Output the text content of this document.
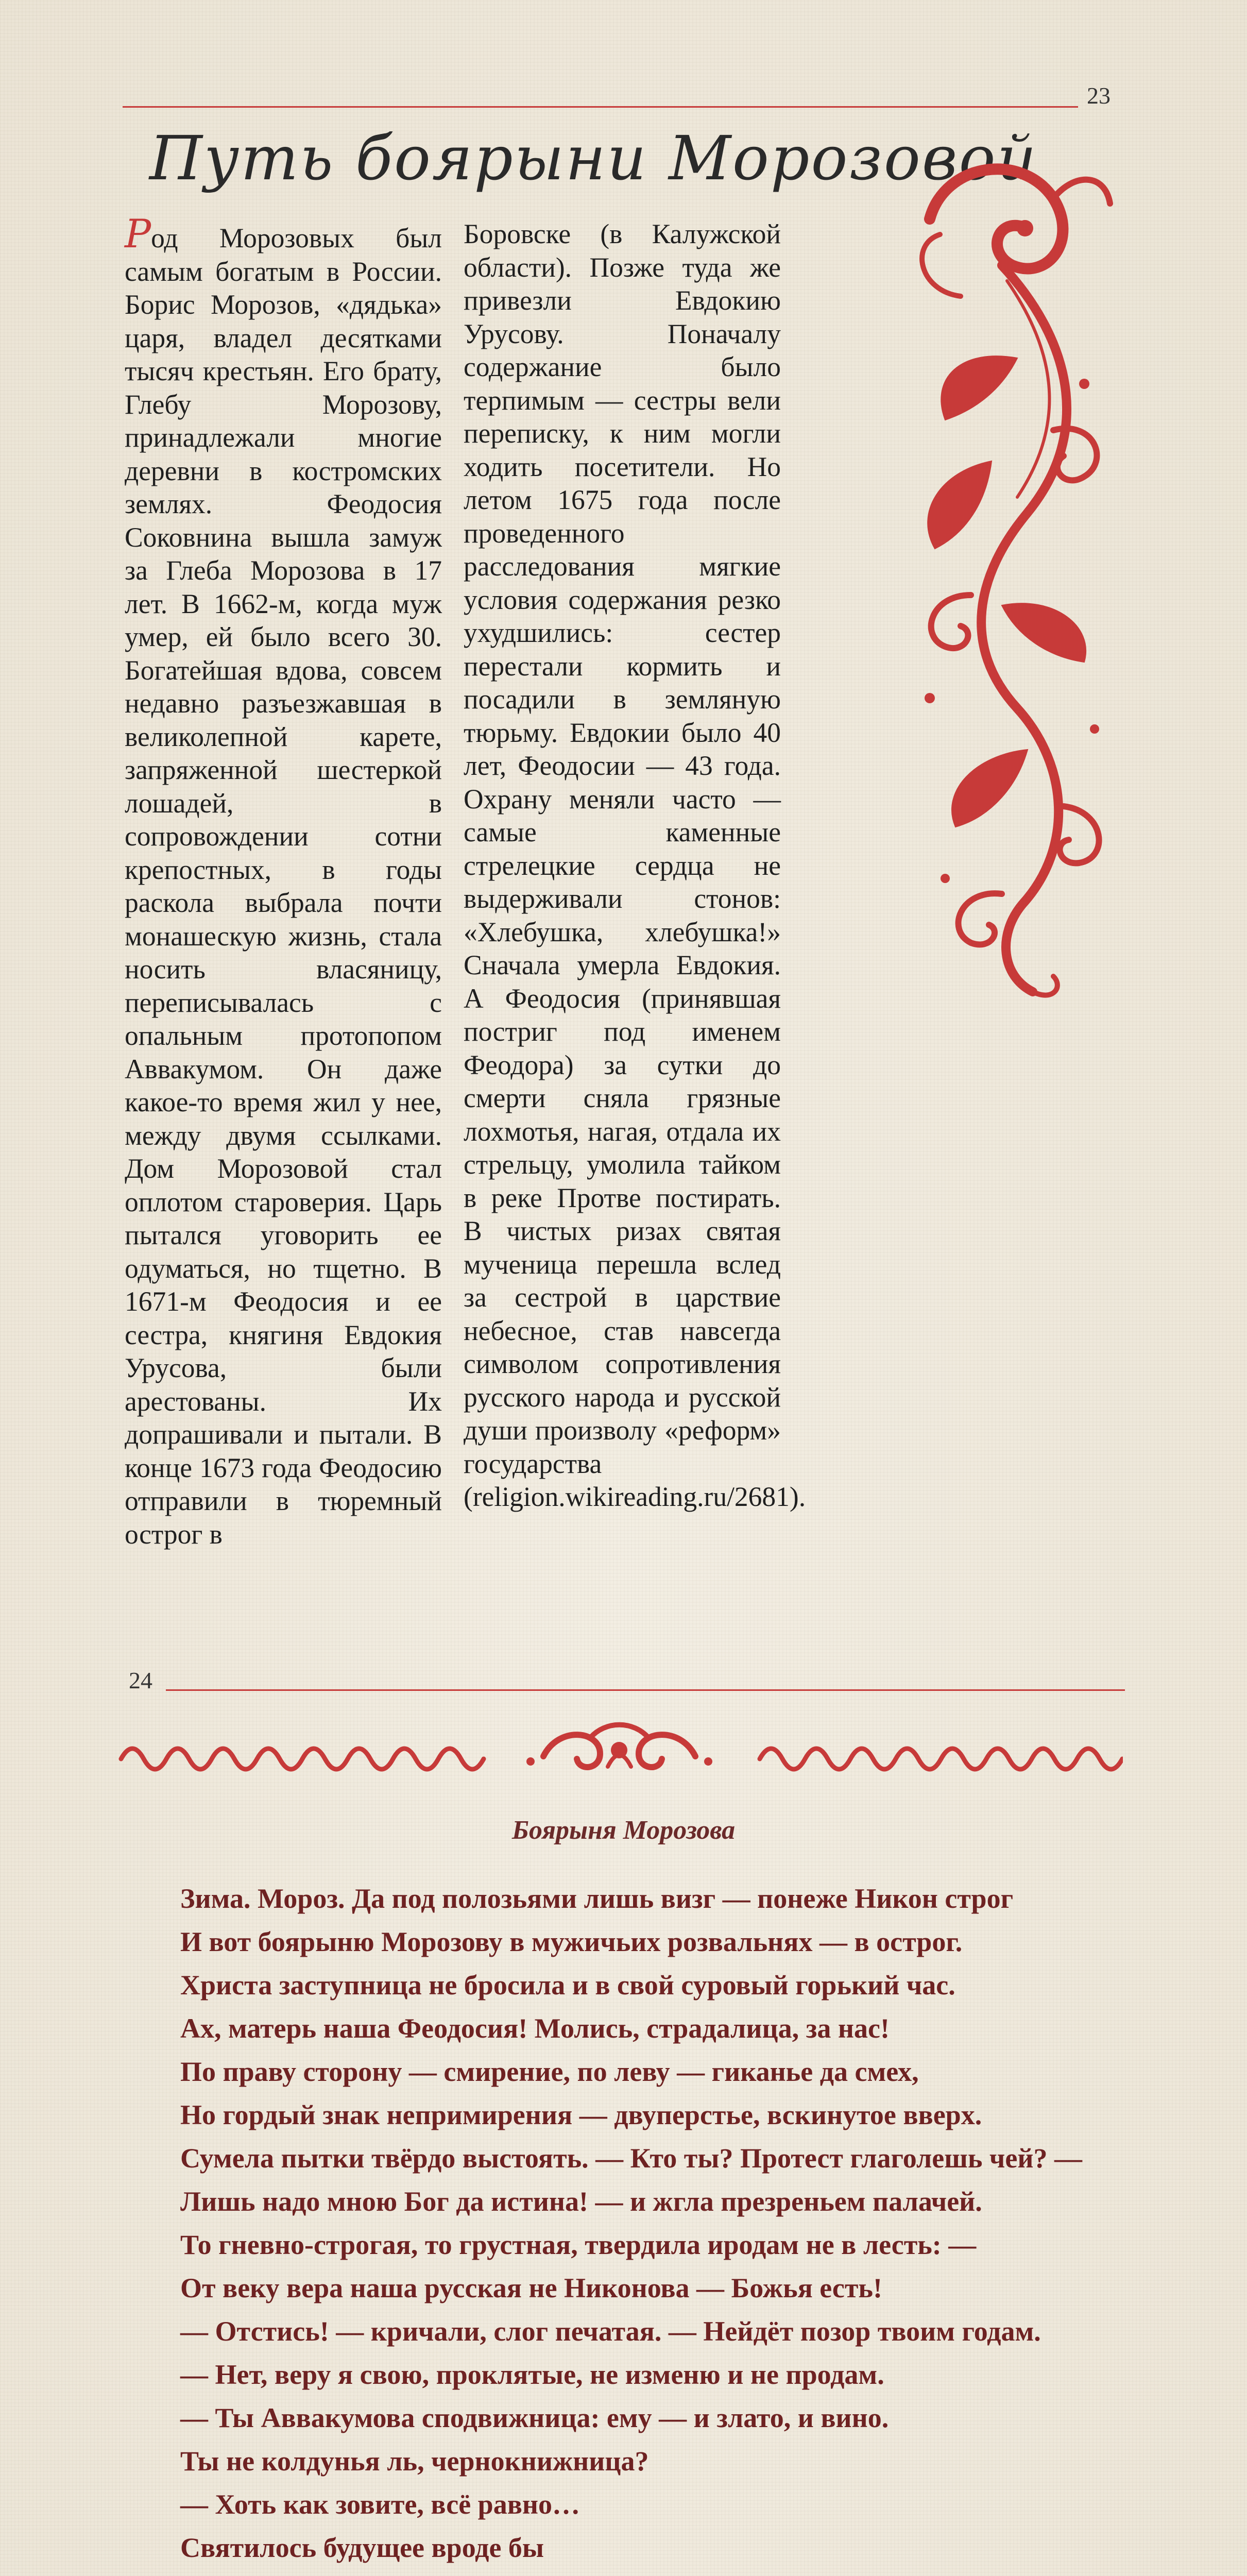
23
Путь боярыни Морозовой

Род Морозовых был самым богатым в России. Борис Морозов, «дядька» царя, владел десятками тысяч крестьян. Его брату, Глебу Морозову, принадлежали многие деревни в костромских землях. Феодосия Соковнина вышла замуж за Глеба Морозова в 17 лет. В 1662-м, когда муж умер, ей было всего 30. Богатейшая вдова, совсем недавно разъезжавшая в великолепной карете, запряженной шестеркой лошадей, в сопровождении сотни крепостных, в годы раскола выбрала почти монашескую жизнь, стала носить власяницу, переписывалась с опальным протопопом Аввакумом. Он даже какое-то время жил у нее, между двумя ссылками. Дом Морозовой стал оплотом староверия. Царь пытался уговорить ее одуматься, но тщетно. В 1671-м Феодосия и ее сестра, княгиня Евдокия Урусова, были арестованы. Их допрашивали и пытали. В конце 1673 года Феодосию отправили в тюремный острог в

Боровске (в Калужской области). Позже туда же привезли Евдокию Урусову. Поначалу содержание было терпимым — сестры вели переписку, к ним могли ходить посетители. Но летом 1675 года после проведенного расследования мягкие условия содержания резко ухудшились: сестер перестали кормить и посадили в земляную тюрьму. Евдокии было 40 лет, Феодосии — 43 года. Охрану меняли часто — самые каменные стрелецкие сердца не выдерживали стонов: «Хлебушка, хлебушка!» Сначала умерла Евдокия. А Феодосия (принявшая постриг под именем Феодора) за сутки до смерти сняла грязные лохмотья, нагая, отдала их стрельцу, умолила тайком в реке Протве постирать. В чистых ризах святая мученица перешла вслед за сестрой в царствие небесное, став навсегда символом сопротивления русского народа и русской души произволу «реформ» государства (religion.wikireading.ru/2681).

24
Боярыня Морозова
Зима. Мороз. Да под полозьями лишь визг — понеже Никон строг
И вот боярыню Морозову в мужичьих розвальнях — в острог.
Христа заступница не бросила и в свой суровый горький час.
Ах, матерь наша Феодосия! Молись, страдалица, за нас!
По праву сторону — смирение, по леву — гиканье да смех,
Но гордый знак непримирения — двуперстье, вскинутое вверх.
Сумела пытки твёрдо выстоять. — Кто ты? Протест глаголешь чей? —
Лишь надо мною Бог да истина! — и жгла презреньем палачей.
То гневно-строгая, то грустная, твердила иродам не в лесть: —
От веку вера наша русская не Никонова — Божья есть!
— Отстись! — кричали, слог печатая. — Нейдёт позор твоим годам.
— Нет, веру я свою, проклятые, не изменю и не продам.
— Ты Аввакумова сподвижница: ему — и злато, и вино.
Ты не колдунья ль, чернокнижница?
— Хоть как зовите, всё равно…
Святилось будущее вроде бы
